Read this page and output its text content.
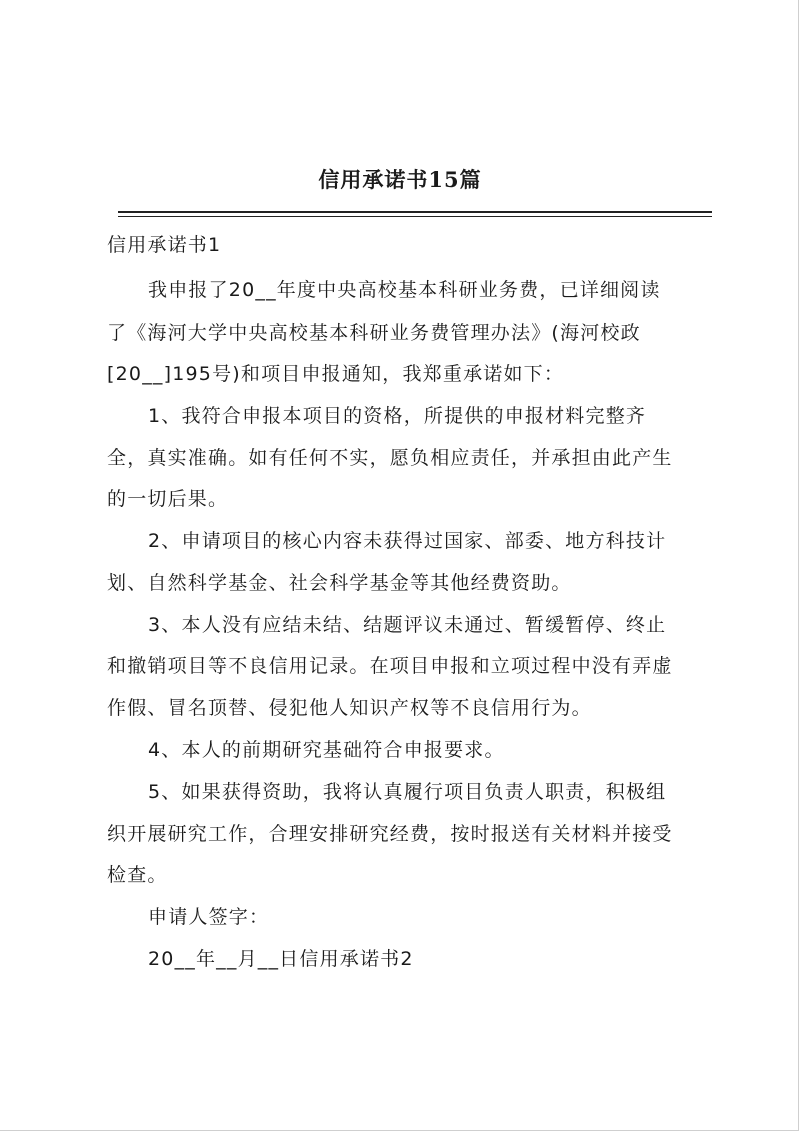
信用承诺书15篇
信用承诺书1
我申报了20__年度中央高校基本科研业务费，已详细阅读
了《海河大学中央高校基本科研业务费管理办法》(海河校政
[20__]195号)和项目申报通知，我郑重承诺如下：
1、我符合申报本项目的资格，所提供的申报材料完整齐
全，真实准确。如有任何不实，愿负相应责任，并承担由此产生
的一切后果。
2、申请项目的核心内容未获得过国家、部委、地方科技计
划、自然科学基金、社会科学基金等其他经费资助。
3、本人没有应结未结、结题评议未通过、暂缓暂停、终止
和撤销项目等不良信用记录。在项目申报和立项过程中没有弄虚
作假、冒名顶替、侵犯他人知识产权等不良信用行为。
4、本人的前期研究基础符合申报要求。
5、如果获得资助，我将认真履行项目负责人职责，积极组
织开展研究工作，合理安排研究经费，按时报送有关材料并接受
检查。
申请人签字：
20__年__月__日信用承诺书2
